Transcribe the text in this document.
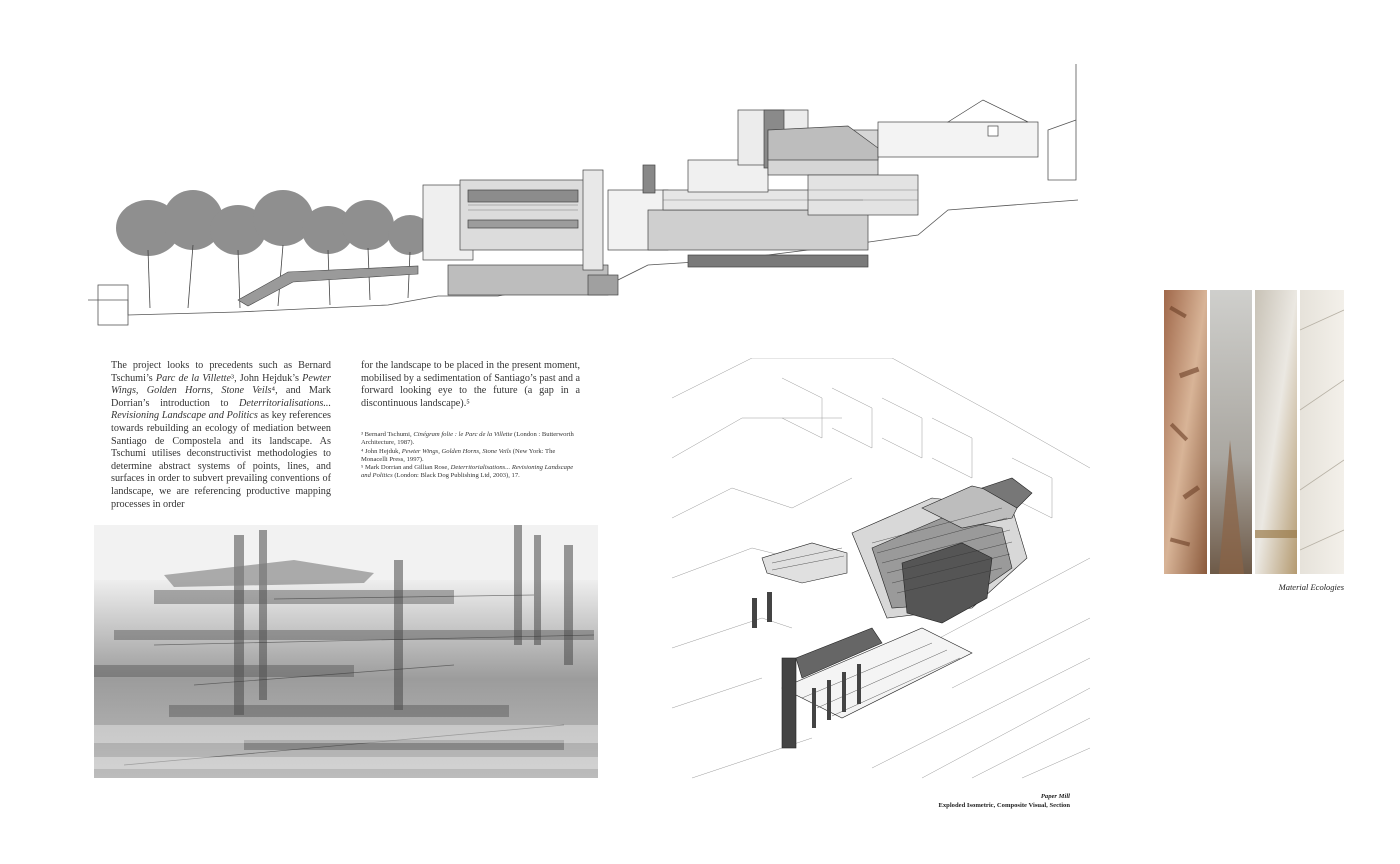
The project looks to precedents such as Bernard Tschumi’s Parc de la Villette³, John Hejduk’s Pewter Wings, Golden Horns, Stone Veils⁴, and Mark Dorrian’s introduction to Deterritorialisations... Revisioning Landscape and Politics as key references towards rebuilding an ecology of mediation between Santiago de Compostela and its landscape. As Tschumi utilises deconstructivist methodologies to determine abstract systems of points, lines, and surfaces in order to subvert prevailing conventions of landscape, we are referencing productive mapping processes in order

for the landscape to be placed in the present moment, mobilised by a sedimentation of Santiago’s past and a forward looking eye to the future (a gap in a discontinuous landscape).⁵

³ Bernard Tschumi, Cinégram folie : le Parc de la Villette (London : Butterworth Architecture, 1987).

⁴ John Hejduk, Pewter Wings, Golden Horns, Stone Veils (New York: The Monacelli Press, 1997).

⁵ Mark Dorrian and Gillian Rose, Deterritorialisations... Revisioning Landscape and Politics (London: Black Dog Publishing Ltd, 2003), 17.

Material Ecologies
Paper Mill
Exploded Isometric, Composite Visual, Section
